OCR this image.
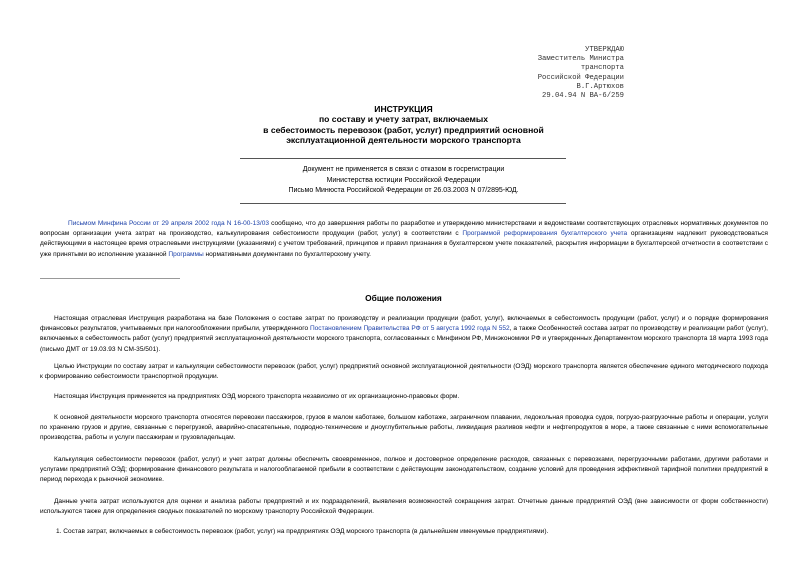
УТВЕРЖДАЮ
Заместитель Министра
транспорта
Российской Федерации
В.Г.Артюхов
29.04.94 N ВА-6/259
ИНСТРУКЦИЯ
по составу и учету затрат, включаемых
в себестоимость перевозок (работ, услуг) предприятий основной
эксплуатационной деятельности морского транспорта
Документ не применяется в связи с отказом в госрегистрации
Министерства юстиции Российской Федерации
Письмо Минюста Российской Федерации от 26.03.2003 N 07/2895-ЮД.
Письмом Минфина России от 29 апреля 2002 года N 16-00-13/03 сообщено, что до завершения работы по разработке и утверждению министерствами и ведомствами соответствующих отраслевых нормативных документов по вопросам организации учета затрат на производство, калькулирования себестоимости продукции (работ, услуг) в соответствии с Программой реформирования бухгалтерского учета организациям надлежит руководствоваться действующими в настоящее время отраслевыми инструкциями (указаниями) с учетом требований, принципов и правил признания в бухгалтерском учете показателей, раскрытия информации в бухгалтерской отчетности в соответствии с уже принятыми во исполнение указанной Программы нормативными документами по бухгалтерскому учету.
Общие положения
Настоящая отраслевая Инструкция разработана на базе Положения о составе затрат по производству и реализации продукции (работ, услуг), включаемых в себестоимость продукции (работ, услуг) и о порядке формирования финансовых результатов, учитываемых при налогообложении прибыли, утвержденного Постановлением Правительства РФ от 5 августа 1992 года N 552, а также Особенностей состава затрат по производству и реализации работ (услуг), включаемых в себестоимость работ (услуг) предприятий эксплуатационной деятельности морского транспорта, согласованных с Минфином РФ, Минэкономики РФ и утвержденных Департаментом морского транспорта 18 марта 1993 года (письмо ДМТ от 19.03.93 N СМ-35/501).
Целью Инструкции по составу затрат и калькуляции себестоимости перевозок (работ, услуг) предприятий основной эксплуатационной деятельности (ОЭД) морского транспорта является обеспечение единого методического подхода к формированию себестоимости транспортной продукции.
Настоящая Инструкция применяется на предприятиях ОЭД морского транспорта независимо от их организационно-правовых форм.
К основной деятельности морского транспорта относятся перевозки пассажиров, грузов в малом каботаже, большом каботаже, заграничном плавании, ледокольная проводка судов, погрузо-разгрузочные работы и операции, услуги по хранению грузов и другие, связанные с перегрузкой, аварийно-спасательные, подводно-технические и дноуглубительные работы, ликвидация разливов нефти и нефтепродуктов в море, а также связанные с ними вспомогательные производства, работы и услуги пассажирам и грузовладельцам.
Калькуляция себестоимости перевозок (работ, услуг) и учет затрат должны обеспечить своевременное, полное и достоверное определение расходов, связанных с перевозками, перегрузочными работами, другими работами и услугами предприятий ОЭД; формирование финансового результата и налогооблагаемой прибыли в соответствии с действующим законодательством, создание условий для проведения эффективной тарифной политики предприятий в период перехода к рыночной экономике.
Данные учета затрат используются для оценки и анализа работы предприятий и их подразделений, выявления возможностей сокращения затрат. Отчетные данные предприятий ОЭД (вне зависимости от форм собственности) используются также для определения сводных показателей по морскому транспорту Российской Федерации.
1. Состав затрат, включаемых в себестоимость перевозок (работ, услуг) на предприятиях ОЭД морского транспорта (в дальнейшем именуемые предприятиями).
